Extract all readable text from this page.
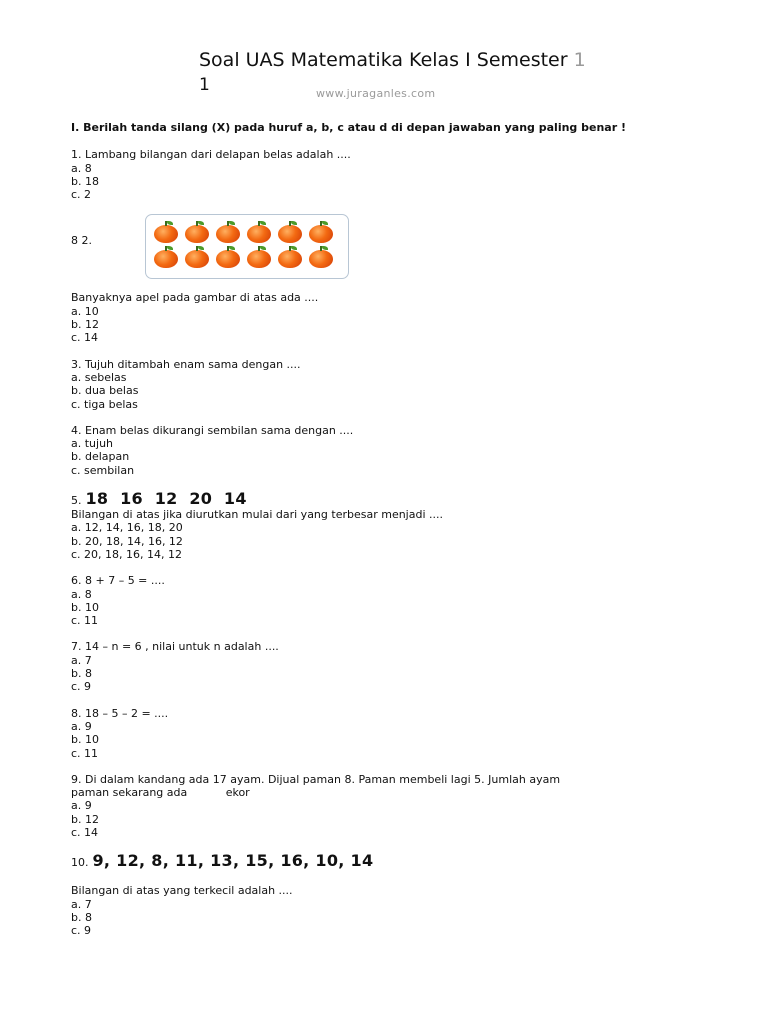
Soal UAS Matematika Kelas I Semester 1
1	www.juraganles.com
I. Berilah tanda silang (X) pada huruf a, b, c atau d di depan jawaban yang paling benar !
1. Lambang bilangan dari delapan belas adalah ....
a. 8
b. 18
c. 2
8 2.
Banyaknya apel pada gambar di atas ada ....
a. 10
b. 12
c. 14
3. Tujuh ditambah enam sama dengan ....
a. sebelas
b. dua belas
c. tiga belas
4. Enam belas dikurangi sembilan sama dengan ....
a. tujuh
b. delapan
c. sembilan
5. 18  16  12  20  14
Bilangan di atas jika diurutkan mulai dari yang terbesar menjadi ....
a. 12, 14, 16, 18, 20
b. 20, 18, 14, 16, 12
c. 20, 18, 16, 14, 12
6. 8 + 7 – 5 = ....
a. 8
b. 10
c. 11
7. 14 – n = 6 , nilai untuk n adalah ....
a. 7
b. 8
c. 9
8. 18 – 5 – 2 = ....
a. 9
b. 10
c. 11
9. Di dalam kandang ada 17 ayam. Dijual paman 8. Paman membeli lagi 5. Jumlah ayam
paman sekarang ada           ekor
a. 9
b. 12
c. 14
10. 9, 12, 8, 11, 13, 15, 16, 10, 14
Bilangan di atas yang terkecil adalah ....
a. 7
b. 8
c. 9
